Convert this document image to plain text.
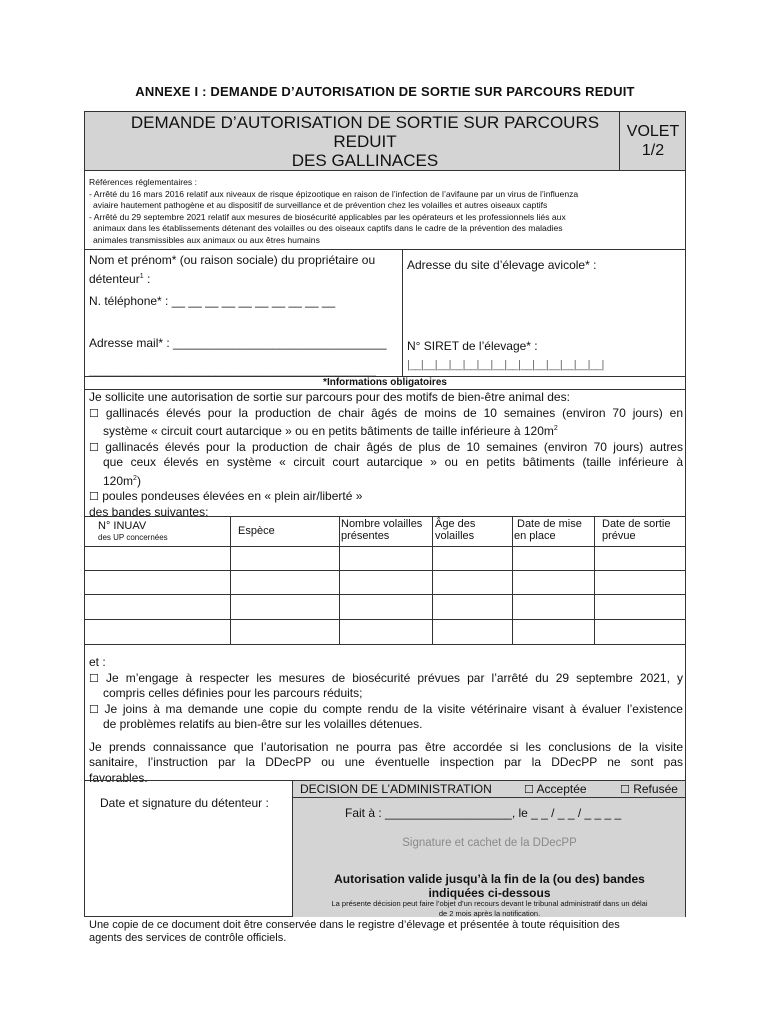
ANNEXE I : DEMANDE D’AUTORISATION DE SORTIE SUR PARCOURS REDUIT
DEMANDE D’AUTORISATION DE SORTIE SUR PARCOURS
REDUIT
DES GALLINACES
VOLET
1/2
Références réglementaires :
- Arrêté du 16 mars 2016 relatif aux niveaux de risque épizootique en raison de l’infection de l’avifaune par un virus de l’influenza
aviaire hautement pathogène et au dispositif de surveillance et de prévention chez les volailles et autres oiseaux captifs
- Arrêté du 29 septembre 2021 relatif aux mesures de biosécurité applicables par les opérateurs et les professionnels liés aux
animaux dans les établissements détenant des volailles ou des oiseaux captifs dans le cadre de la prévention des maladies
animales transmissibles aux animaux ou aux êtres humains
Nom et prénom* (ou raison sociale) du propriétaire ou
détenteur$^1$ :
N. téléphone* : __ __ __ __ __ __ __ __ __ __
Adresse mail* : ________________________________
___________________________________________
Adresse du site d’élevage avicole* :
N° SIRET de l’élevage* :
|__|__|__|__|__|__|__|__|__|__|__|__|__|__|
*Informations obligatoires
Je sollicite une autorisation de sortie sur parcours pour des motifs de bien-être animal des:
☐ gallinacés élevés pour la production de chair âgés de moins de 10 semaines (environ 70 jours) en
système « circuit court autarcique » ou en petits bâtiments de taille inférieure à $120m^2$
☐ gallinacés élevés pour la production de chair âgés de plus de 10 semaines (environ 70 jours) autres
que ceux élevés en système « circuit court autarcique » ou en petits bâtiments (taille inférieure à
$120m^2$)
☐ poules pondeuses élevées en « plein air/liberté »
des bandes suivantes:
N° INUAV
des UP concernées
Espèce
Nombre volailles présentes
Âge des volailles
Date de mise en place
Date de sortie prévue
et :
☐ Je m’engage à respecter les mesures de biosécurité prévues par l’arrêté du 29 septembre 2021, y
compris celles définies pour les parcours réduits;
☐ Je joins à ma demande une copie du compte rendu de la visite vétérinaire visant à évaluer l’existence
de problèmes relatifs au bien-être sur les volailles détenues.
Je prends connaissance que l’autorisation ne pourra pas être accordée si les conclusions de la visite
sanitaire, l’instruction par la DDecPP ou une éventuelle inspection par la DDecPP ne sont pas
favorables.
Date et signature du détenteur :
DECISION DE L’ADMINISTRATION	☐ Acceptée	☐ Refusée
Fait à : ___________________, le _ _ / _ _ / _ _ _ _
Signature et cachet de la DDecPP
Autorisation valide jusqu’à la fin de la (ou des) bandes
indiquées ci-dessous
La présente décision peut faire l’objet d’un recours devant le tribunal administratif dans un délai
de 2 mois après la notification.
Une copie de ce document doit être conservée dans le registre d’élevage et présentée à toute réquisition des
agents des services de contrôle officiels.
